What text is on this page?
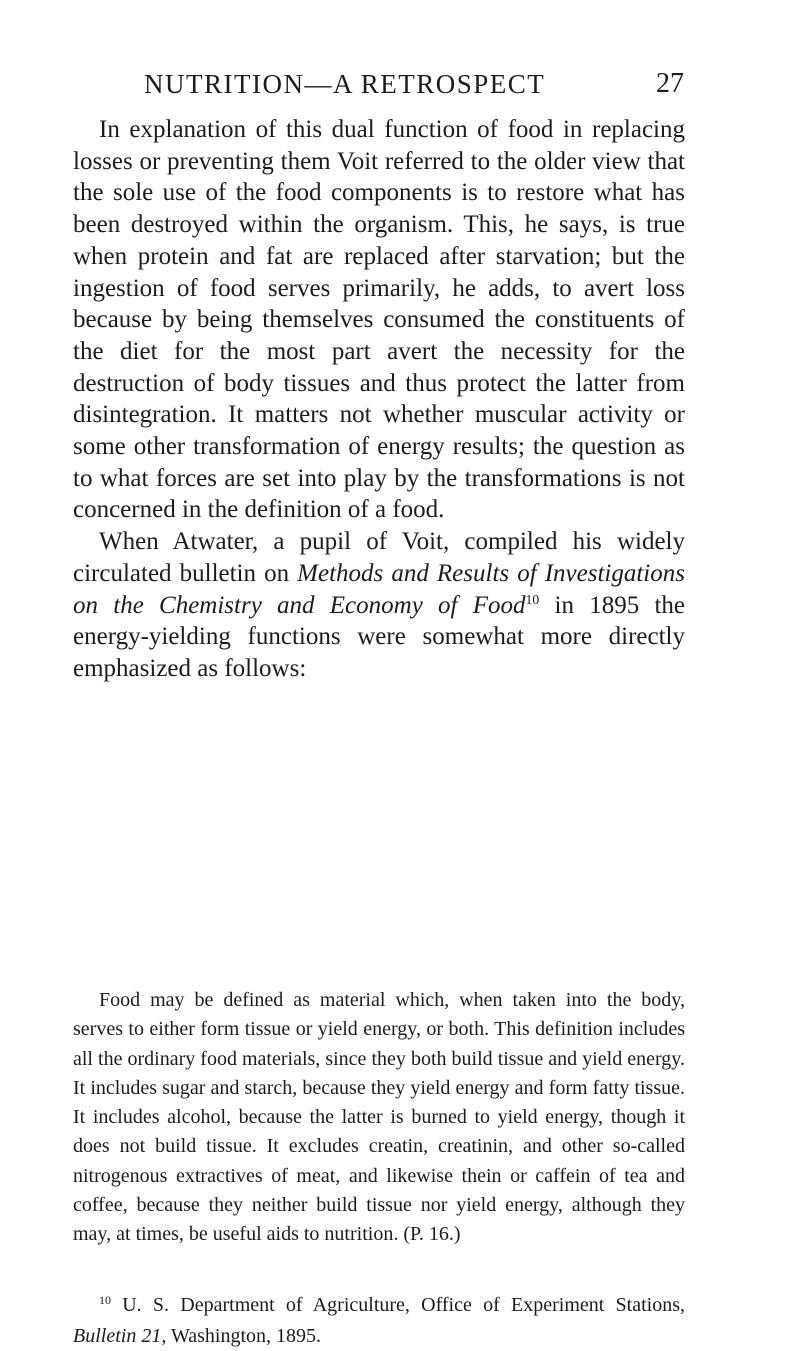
NUTRITION—A RETROSPECT	27

In explanation of this dual function of food in replacing losses or preventing them Voit referred to the older view that the sole use of the food components is to restore what has been destroyed within the organism. This, he says, is true when protein and fat are replaced after starvation; but the ingestion of food serves primarily, he adds, to avert loss because by being themselves consumed the constituents of the diet for the most part avert the necessity for the destruction of body tissues and thus protect the latter from disintegration. It matters not whether muscular activity or some other transformation of energy results; the question as to what forces are set into play by the transformations is not concerned in the definition of a food.

When Atwater, a pupil of Voit, compiled his widely circulated bulletin on Methods and Results of Investigations on the Chemistry and Economy of Food$^{10}$ in 1895 the energy-yielding functions were somewhat more directly emphasized as follows:

Food may be defined as material which, when taken into the body, serves to either form tissue or yield energy, or both. This definition includes all the ordinary food materials, since they both build tissue and yield energy. It includes sugar and starch, because they yield energy and form fatty tissue. It includes alcohol, because the latter is burned to yield energy, though it does not build tissue. It excludes creatin, creatinin, and other so-called nitrogenous extractives of meat, and likewise thein or caffein of tea and coffee, because they neither build tissue nor yield energy, although they may, at times, be useful aids to nutrition. (P. 16.)

$^{10}$ U. S. Department of Agriculture, Office of Experiment Stations, Bulletin 21, Washington, 1895.
